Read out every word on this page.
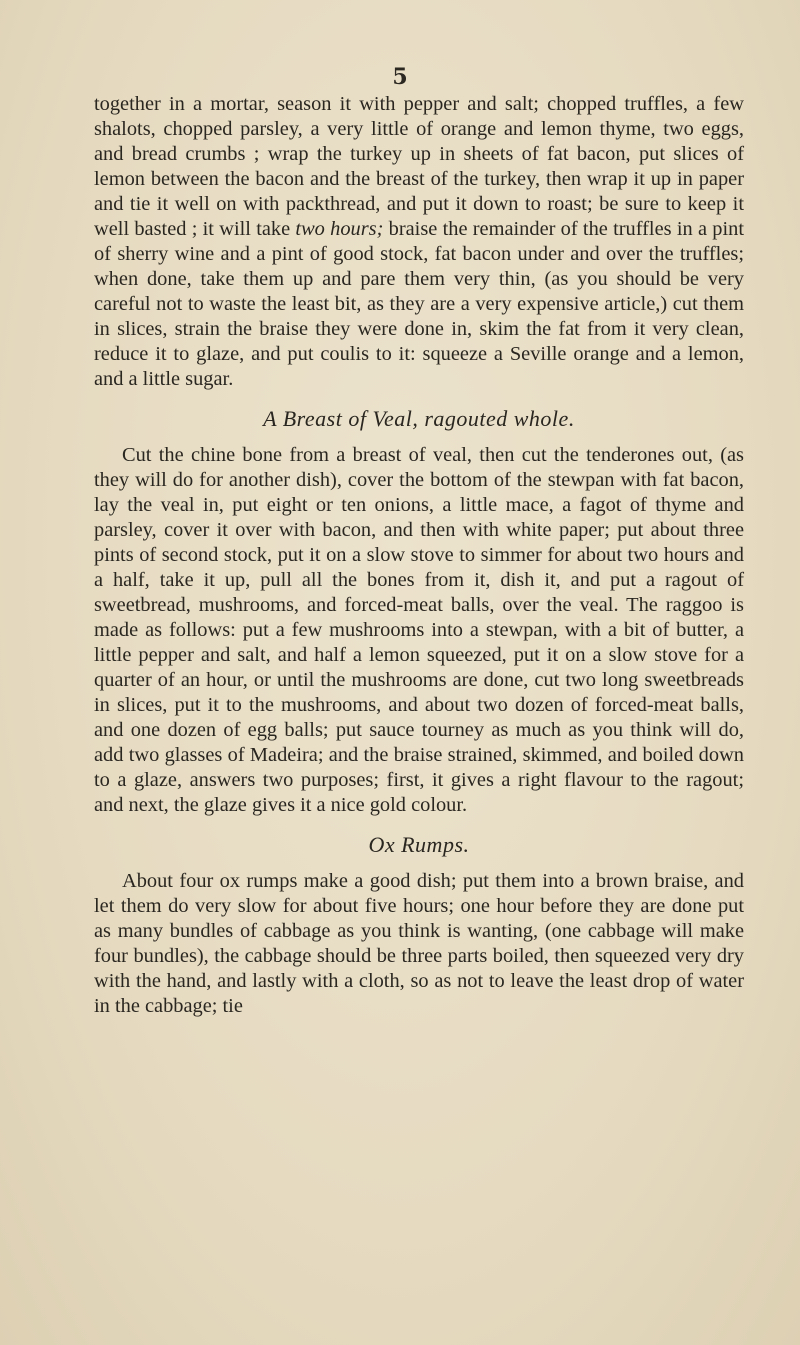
5

together in a mortar, season it with pepper and salt; chopped truffles, a few shalots, chopped parsley, a very little of orange and lemon thyme, two eggs, and bread crumbs ; wrap the turkey up in sheets of fat bacon, put slices of lemon between the bacon and the breast of the turkey, then wrap it up in paper and tie it well on with packthread, and put it down to roast; be sure to keep it well basted ; it will take two hours; braise the remainder of the truffles in a pint of sherry wine and a pint of good stock, fat bacon under and over the truffles; when done, take them up and pare them very thin, (as you should be very careful not to waste the least bit, as they are a very expensive article,) cut them in slices, strain the braise they were done in, skim the fat from it very clean, reduce it to glaze, and put coulis to it: squeeze a Seville orange and a lemon, and a little sugar.

A Breast of Veal, ragouted whole.

Cut the chine bone from a breast of veal, then cut the tenderones out, (as they will do for another dish), cover the bottom of the stewpan with fat bacon, lay the veal in, put eight or ten onions, a little mace, a fagot of thyme and parsley, cover it over with bacon, and then with white paper; put about three pints of second stock, put it on a slow stove to simmer for about two hours and a half, take it up, pull all the bones from it, dish it, and put a ragout of sweetbread, mushrooms, and forced-meat balls, over the veal. The raggoo is made as follows: put a few mushrooms into a stewpan, with a bit of butter, a little pepper and salt, and half a lemon squeezed, put it on a slow stove for a quarter of an hour, or until the mushrooms are done, cut two long sweetbreads in slices, put it to the mushrooms, and about two dozen of forced-meat balls, and one dozen of egg balls; put sauce tourney as much as you think will do, add two glasses of Madeira; and the braise strained, skimmed, and boiled down to a glaze, answers two purposes; first, it gives a right flavour to the ragout; and next, the glaze gives it a nice gold colour.

Ox Rumps.

About four ox rumps make a good dish; put them into a brown braise, and let them do very slow for about five hours; one hour before they are done put as many bundles of cabbage as you think is wanting, (one cabbage will make four bundles), the cabbage should be three parts boiled, then squeezed very dry with the hand, and lastly with a cloth, so as not to leave the least drop of water in the cabbage; tie
